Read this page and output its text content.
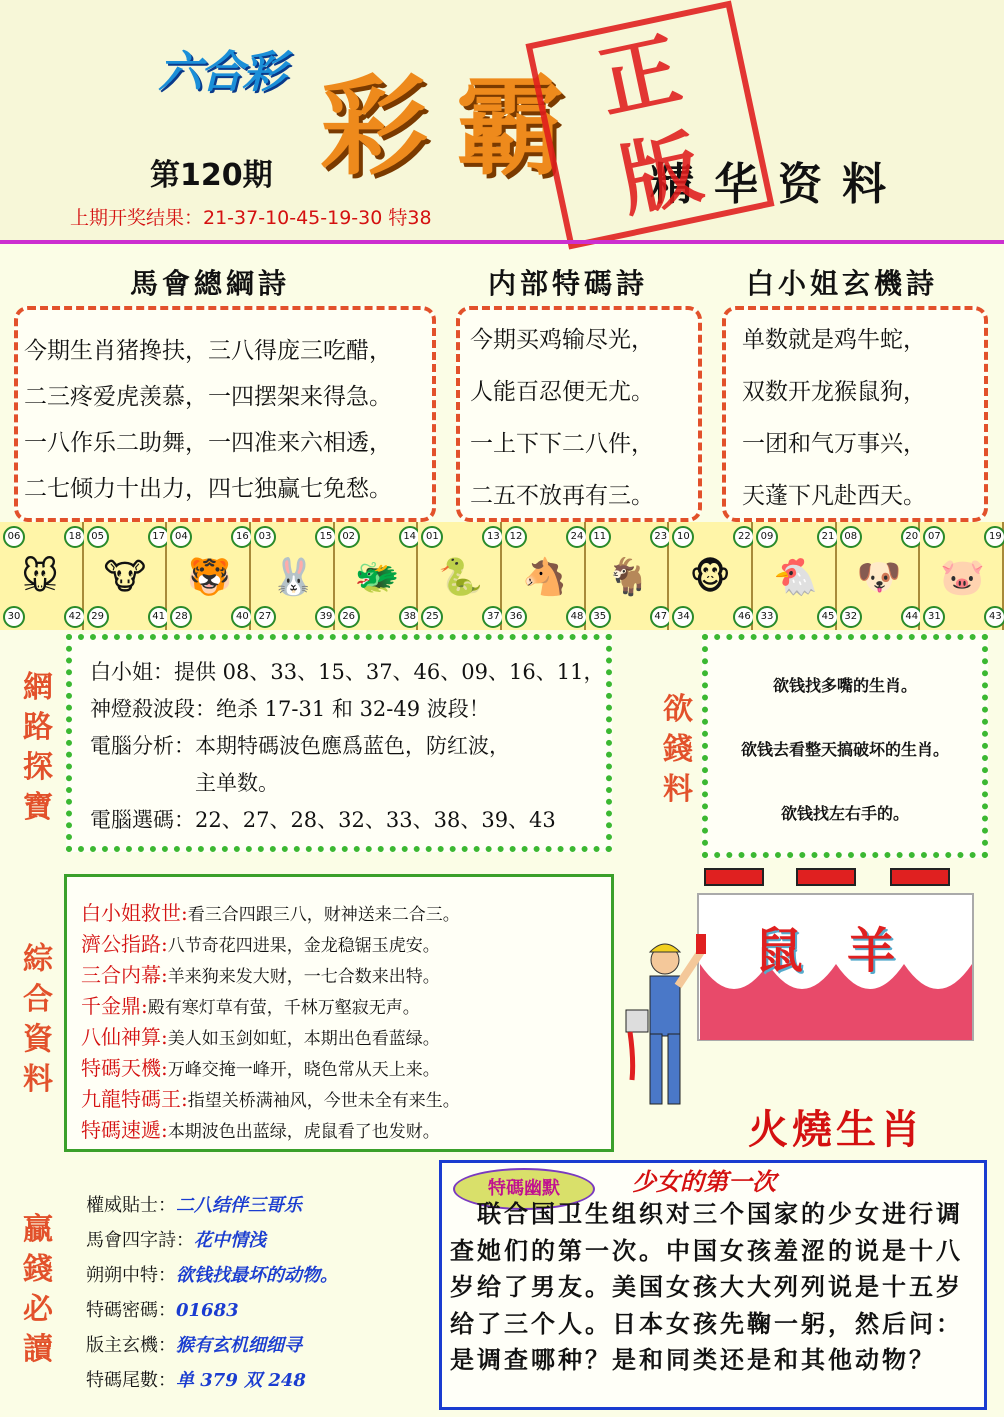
六合彩 彩霸
第120期	精华资料
上期开奖结果：21-37-10-45-19-30 特38
正
版
馬會總綱詩	内部特碼詩	白小姐玄機詩
今期生肖猪搀扶，三八得庞三吃醋，
二三疼爱虎羡慕，一四摆架来得急。
一八作乐二助舞，一四准来六相透，
二七倾力十出力，四七独赢七免愁。
今期买鸡输尽光，
人能百忍便无尤。
一上下下二八件，
二五不放再有三。
单数就是鸡牛蛇，
双数开龙猴鼠狗，
一团和气万事兴，
天蓬下凡赴西天。
06	18
30	42
🐭
05	17
29	41
🐮
04	16
28	40
🐯
03	15
27	39
🐰
02	14
26	38
🐲
01	13
25	37
🐍
12	24
36	48
🐴
11	23
35	47
🐐
10	22
34	46
🐵
09	21
33	45
🐔
08	20
32	44
🐶
07	19
31	43
🐷
網路探寶
白小姐：提供 08、33、15、37、46、09、16、11，
神燈殺波段：绝杀 17-31 和 32-49 波段！
電腦分析：本期特碼波色應爲蓝色，防红波，
　　　　　主单数。
電腦選碼：22、27、28、32、33、38、39、43
欲錢料
欲钱找多嘴的生肖。
欲钱去看整天搞破坏的生肖。
欲钱找左右手的。
綜合資料
白小姐救世:看三合四跟三八，财神送来二合三。
濟公指路:八节奇花四进果，金龙稳锯玉虎安。
三合内幕:羊来狗来发大财，一七合数来出特。
千金鼎:殿有寒灯草有萤，千林万壑寂无声。
八仙神算:美人如玉剑如虹，本期出色看蓝绿。
特碼天機:万峰交掩一峰开，晓色常从天上来。
九龍特碼王:指望关桥满袖风，今世未全有来生。
特碼速遞:本期波色出蓝绿，虎鼠看了也发财。
鼠羊
火燒生肖
贏錢必讀
權威貼士：二八结伴三哥乐
馬會四字詩：花中情浅
朔朔中特：欲钱找最坏的动物。
特碼密碼：01683
版主玄機：猴有玄机细细寻
特碼尾數：单 379 双 248
特碼幽默	少女的第一次
　联合国卫生组织对三个国家的少女进行调查她们的第一次。中国女孩羞涩的说是十八岁给了男友。美国女孩大大列列说是十五岁给了三个人。日本女孩先鞠一躬，然后问：是调查哪种？是和同类还是和其他动物？
